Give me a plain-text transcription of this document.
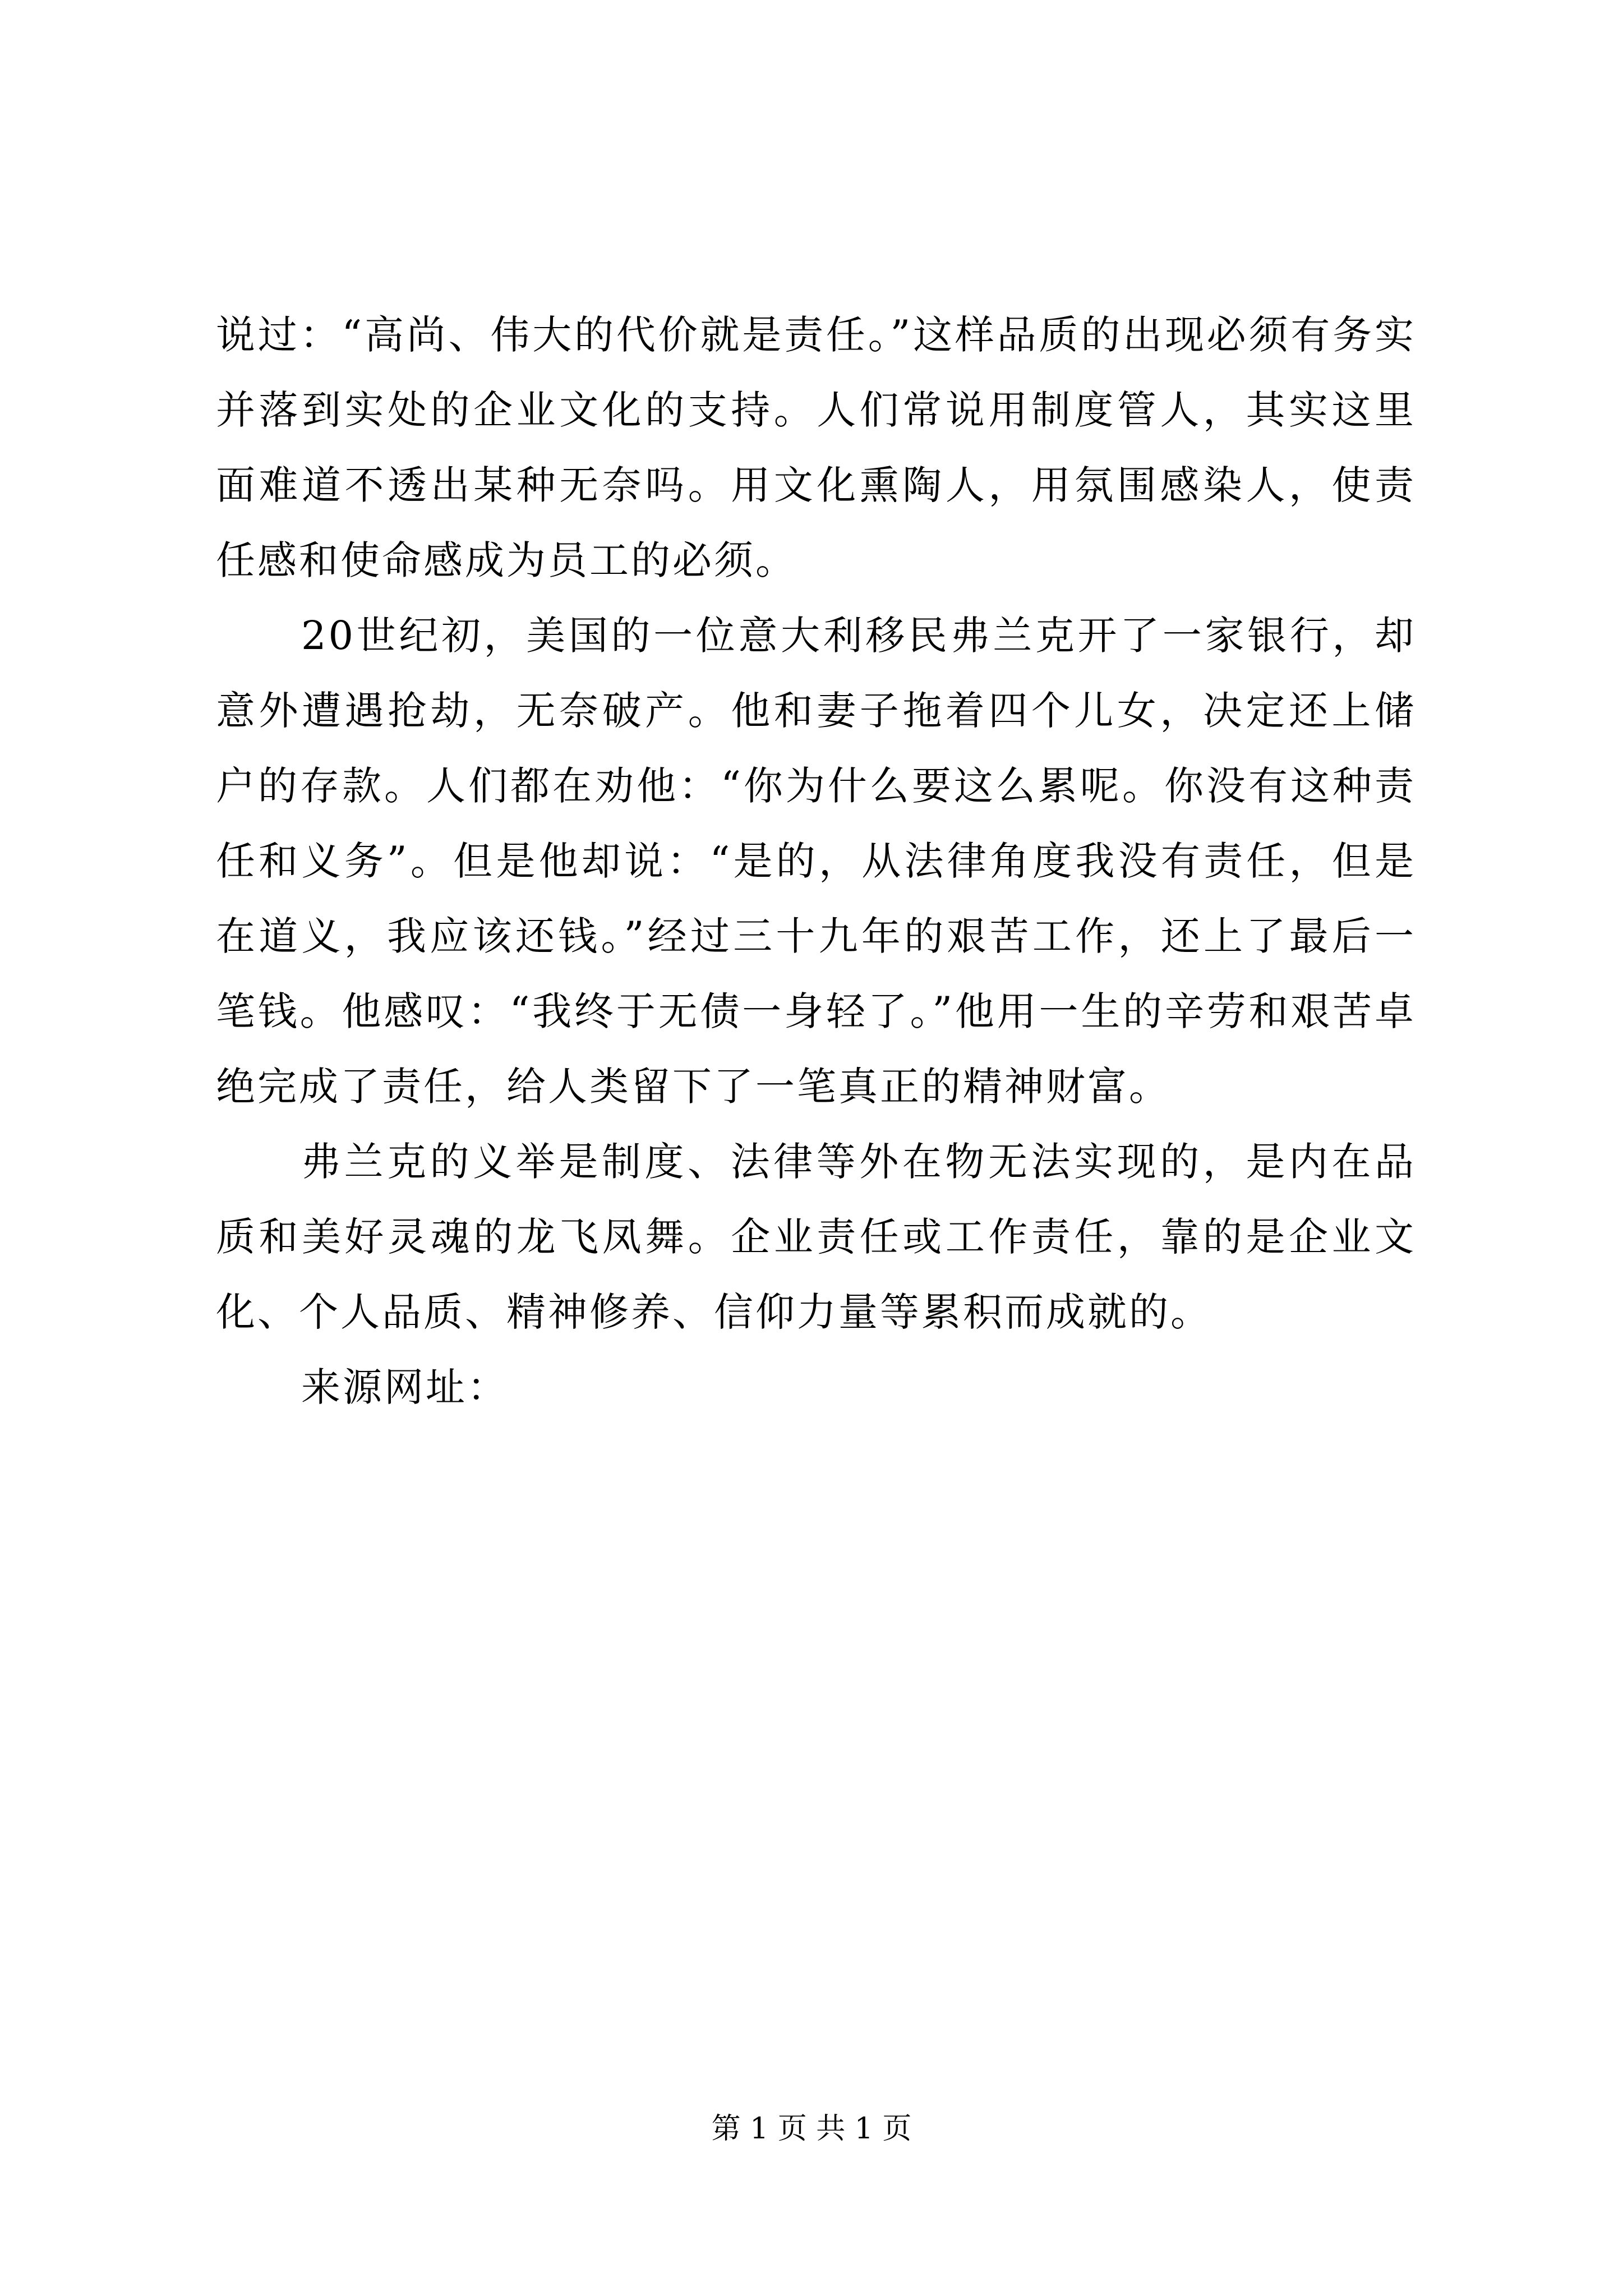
说过：“高尚、伟大的代价就是责任。”这样品质的出现必须有务实并落到实处的企业文化的支持。人们常说用制度管人，其实这里面难道不透出某种无奈吗。用文化熏陶人，用氛围感染人，使责任感和使命感成为员工的必须。

20世纪初，美国的一位意大利移民弗兰克开了一家银行，却意外遭遇抢劫，无奈破产。他和妻子拖着四个儿女，决定还上储户的存款。人们都在劝他：“你为什么要这么累呢。你没有这种责任和义务”。但是他却说：“是的，从法律角度我没有责任，但是在道义，我应该还钱。”经过三十九年的艰苦工作，还上了最后一笔钱。他感叹：“我终于无债一身轻了。”他用一生的辛劳和艰苦卓绝完成了责任，给人类留下了一笔真正的精神财富。

弗兰克的义举是制度、法律等外在物无法实现的，是内在品质和美好灵魂的龙飞凤舞。企业责任或工作责任，靠的是企业文化、个人品质、精神修养、信仰力量等累积而成就的。

来源网址：

第 1 页 共 1 页
